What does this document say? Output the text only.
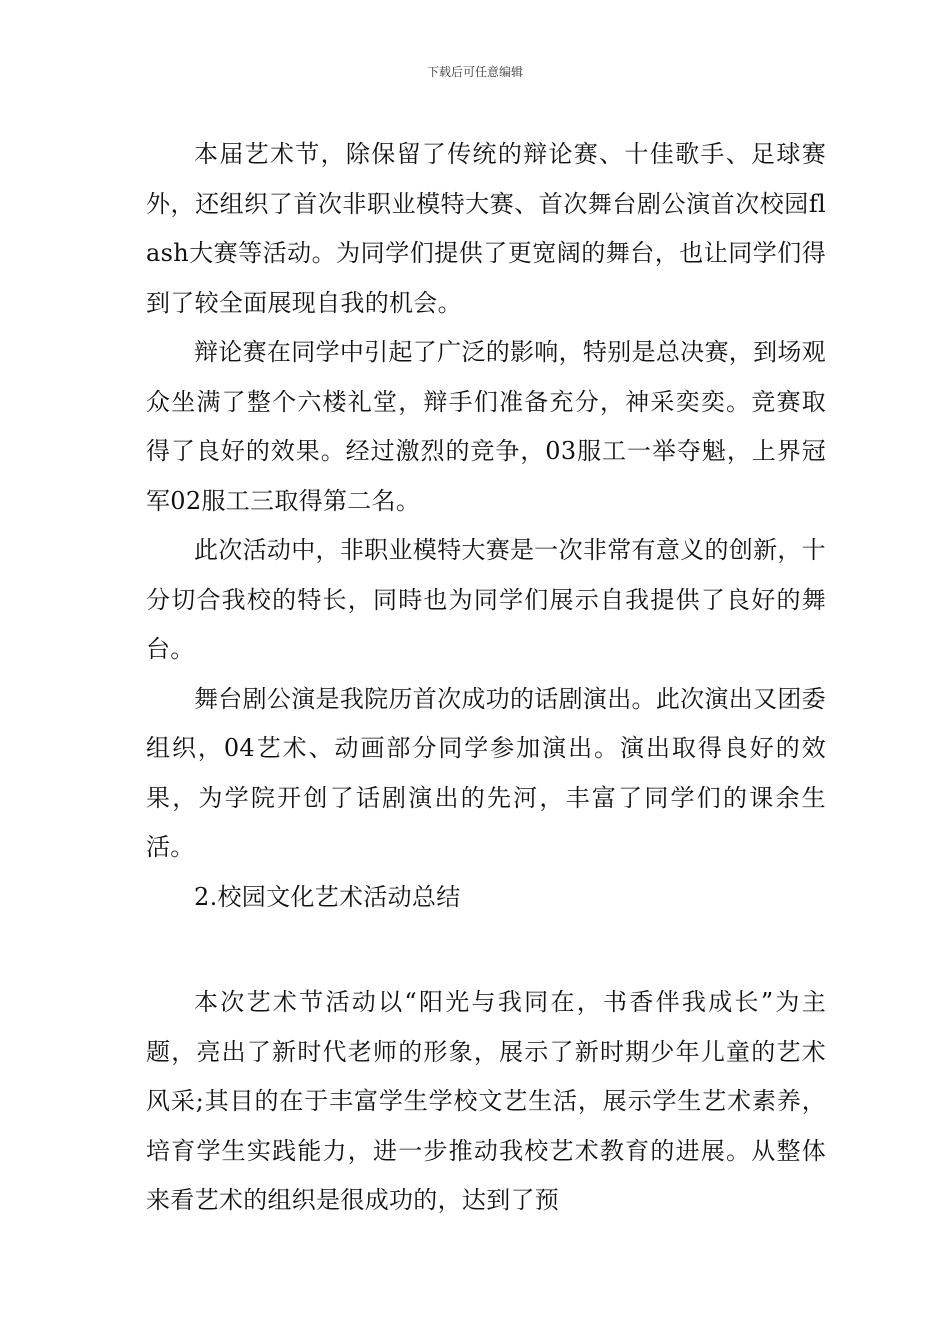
下载后可任意编辑

本届艺术节，除保留了传统的辩论赛、十佳歌手、足球赛外，还组织了首次非职业模特大赛、首次舞台剧公演首次校园flash大赛等活动。为同学们提供了更宽阔的舞台，也让同学们得到了较全面展现自我的机会。

辩论赛在同学中引起了广泛的影响，特别是总决赛，到场观众坐满了整个六楼礼堂，辩手们准备充分，神采奕奕。竞赛取得了良好的效果。经过激烈的竞争，03服工一举夺魁，上界冠军02服工三取得第二名。

此次活动中，非职业模特大赛是一次非常有意义的创新，十分切合我校的特长，同時也为同学们展示自我提供了良好的舞台。

舞台剧公演是我院历首次成功的话剧演出。此次演出又团委组织，04艺术、动画部分同学参加演出。演出取得良好的效果，为学院开创了话剧演出的先河，丰富了同学们的课余生活。

2.校园文化艺术活动总结

本次艺术节活动以“阳光与我同在，书香伴我成长”为主题，亮出了新时代老师的形象，展示了新时期少年儿童的艺术风采;其目的在于丰富学生学校文艺生活，展示学生艺术素养，培育学生实践能力，进一步推动我校艺术教育的进展。从整体来看艺术的组织是很成功的，达到了预
